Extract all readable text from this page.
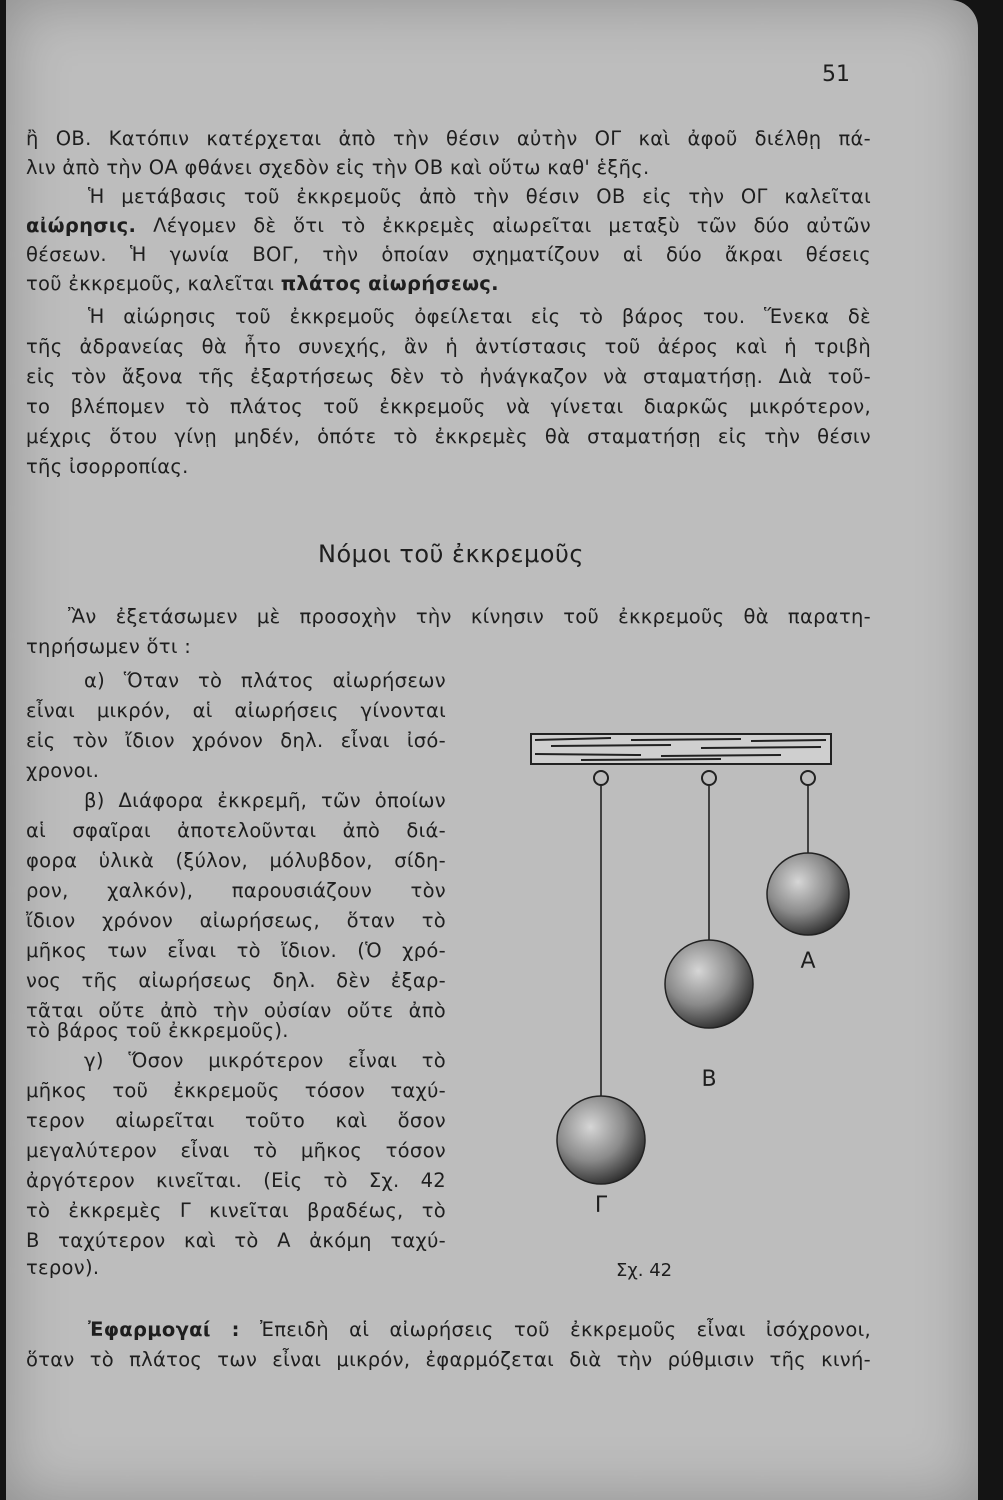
51
ἢ ΟΒ. Κατόπιν κατέρχεται ἀπὸ τὴν θέσιν αὐτὴν ΟΓ καὶ ἀφοῦ διέλθῃ πά-
λιν ἀπὸ τὴν ΟΑ φθάνει σχεδὸν εἰς τὴν ΟΒ καὶ οὕτω καθ' ἑξῆς.
Ἡ μετάβασις τοῦ ἐκκρεμοῦς ἀπὸ τὴν θέσιν ΟΒ εἰς τὴν ΟΓ καλεῖται
αἰώρησις. Λέγομεν δὲ ὅτι τὸ ἐκκρεμὲς αἰωρεῖται μεταξὺ τῶν δύο αὐτῶν
θέσεων. Ἡ γωνία ΒΟΓ, τὴν ὁποίαν σχηματίζουν αἱ δύο ἄκραι θέσεις
τοῦ ἐκκρεμοῦς, καλεῖται πλάτος αἰωρήσεως.
Ἡ αἰώρησις τοῦ ἐκκρεμοῦς ὀφείλεται εἰς τὸ βάρος του. Ἕνεκα δὲ
τῆς ἀδρανείας θὰ ἦτο συνεχής, ἂν ἡ ἀντίστασις τοῦ ἀέρος καὶ ἡ τριβὴ
εἰς τὸν ἄξονα τῆς ἐξαρτήσεως δὲν τὸ ἠνάγκαζον νὰ σταματήσῃ. Διὰ τοῦ-
το βλέπομεν τὸ πλάτος τοῦ ἐκκρεμοῦς νὰ γίνεται διαρκῶς μικρότερον,
μέχρις ὅτου γίνῃ μηδέν, ὁπότε τὸ ἐκκρεμὲς θὰ σταματήσῃ εἰς τὴν θέσιν
τῆς ἰσορροπίας.
Νόμοι τοῦ ἐκκρεμοῦς
Ἂν ἐξετάσωμεν μὲ προσοχὴν τὴν κίνησιν τοῦ ἐκκρεμοῦς θὰ παρατη-
τηρήσωμεν ὅτι :
α) Ὅταν τὸ πλάτος αἰωρήσεων
εἶναι μικρόν, αἱ αἰωρήσεις γίνονται
εἰς τὸν ἴδιον χρόνον δηλ. εἶναι ἰσό-
χρονοι.
β) Διάφορα ἐκκρεμῆ, τῶν ὁποίων
αἱ σφαῖραι ἀποτελοῦνται ἀπὸ διά-
φορα ὑλικὰ (ξύλον, μόλυβδον, σίδη-
ρον, χαλκόν), παρουσιάζουν τὸν
ἴδιον χρόνον αἰωρήσεως, ὅταν τὸ
μῆκος των εἶναι τὸ ἴδιον. (Ὁ χρό-
νος τῆς αἰωρήσεως δηλ. δὲν ἐξαρ-
τᾶται οὔτε ἀπὸ τὴν οὐσίαν οὔτε ἀπὸ
τὸ βάρος τοῦ ἐκκρεμοῦς).
γ) Ὅσον μικρότερον εἶναι τὸ
μῆκος τοῦ ἐκκρεμοῦς τόσον ταχύ-
τερον αἰωρεῖται τοῦτο καὶ ὅσον
μεγαλύτερον εἶναι τὸ μῆκος τόσον
ἀργότερον κινεῖται. (Εἰς τὸ Σχ. 42
τὸ ἐκκρεμὲς Γ κινεῖται βραδέως, τὸ
Β ταχύτερον καὶ τὸ Α ἀκόμη ταχύ-
τερον).
Α
Β
Γ
Σχ. 42
Ἐφαρμογαί : Ἐπειδὴ αἱ αἰωρήσεις τοῦ ἐκκρεμοῦς εἶναι ἰσόχρονοι,
ὅταν τὸ πλάτος των εἶναι μικρόν, ἐφαρμόζεται διὰ τὴν ρύθμισιν τῆς κινή-
